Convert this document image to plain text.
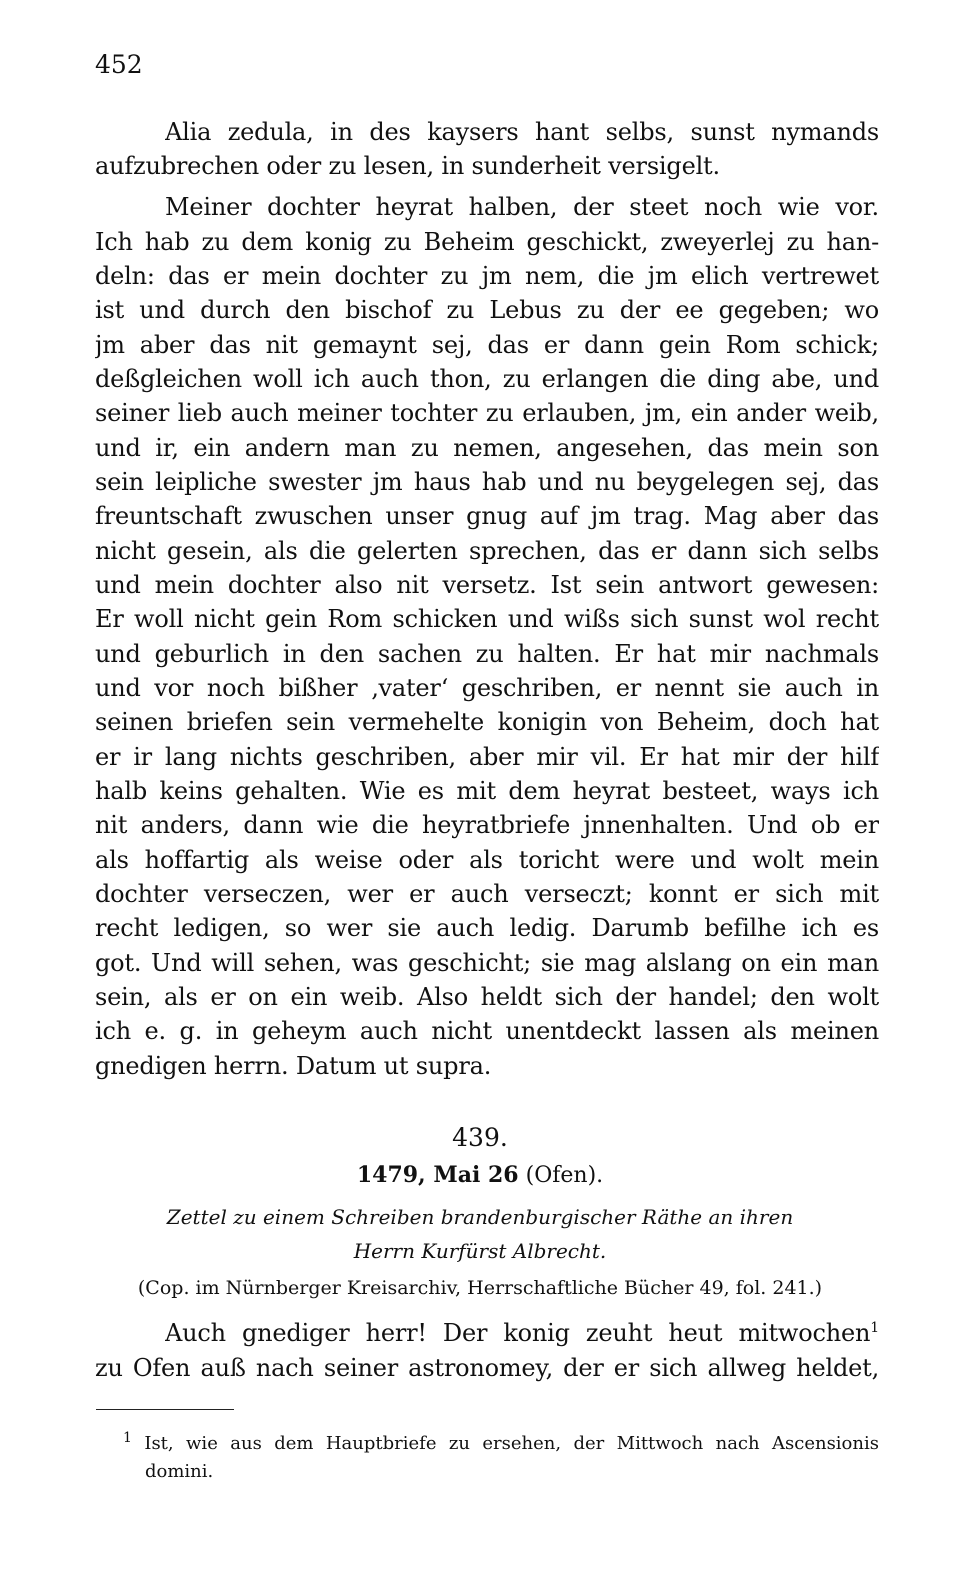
452
Alia zedula, in des kaysers hant selbs, sunst nymands
aufzubrechen oder zu lesen, in sunderheit versigelt.
Meiner dochter heyrat halben, der steet noch wie vor.
Ich hab zu dem konig zu Beheim geschickt, zweyerlej zu han-
deln: das er mein dochter zu jm nem, die jm elich vertrewet
ist und durch den bischof zu Lebus zu der ee gegeben; wo
jm aber das nit gemaynt sej, das er dann gein Rom schick;
deßgleichen woll ich auch thon, zu erlangen die ding abe, und
seiner lieb auch meiner tochter zu erlauben, jm, ein ander weib,
und ir, ein andern man zu nemen, angesehen, das mein son
sein leipliche swester jm haus hab und nu beygelegen sej, das
freuntschaft zwuschen unser gnug auf jm trag. Mag aber das
nicht gesein, als die gelerten sprechen, das er dann sich selbs
und mein dochter also nit versetz. Ist sein antwort gewesen:
Er woll nicht gein Rom schicken und wißs sich sunst wol recht
und geburlich in den sachen zu halten. Er hat mir nachmals
und vor noch bißher ‚vater‘ geschriben, er nennt sie auch in
seinen briefen sein vermehelte konigin von Beheim, doch hat
er ir lang nichts geschriben, aber mir vil. Er hat mir der hilf
halb keins gehalten. Wie es mit dem heyrat besteet, ways ich
nit anders, dann wie die heyratbriefe jnnenhalten. Und ob er
als hoffartig als weise oder als toricht were und wolt mein
dochter verseczen, wer er auch verseczt; konnt er sich mit
recht ledigen, so wer sie auch ledig. Darumb befilhe ich es
got. Und will sehen, was geschicht; sie mag alslang on ein man
sein, als er on ein weib. Also heldt sich der handel; den wolt
ich e. g. in geheym auch nicht unentdeckt lassen als meinen
gnedigen herrn. Datum ut supra.
439.
1479, Mai 26 (Ofen).
Zettel zu einem Schreiben brandenburgischer Räthe an ihren
Herrn Kurfürst Albrecht.
(Cop. im Nürnberger Kreisarchiv, Herrschaftliche Bücher 49, fol. 241.)
Auch gnediger herr! Der konig zeuht heut mitwochen$^1$
zu Ofen auß nach seiner astronomey, der er sich allweg heldet,
$^1$ Ist, wie aus dem Hauptbriefe zu ersehen, der Mittwoch nach Ascensionis
domini.
